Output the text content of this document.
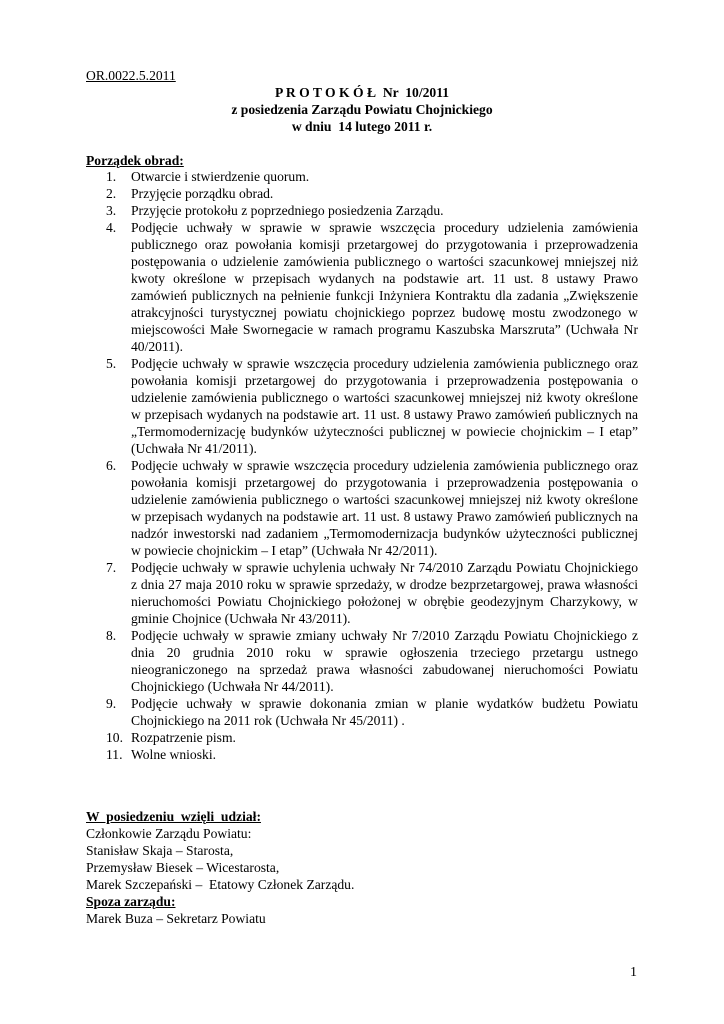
OR.0022.5.2011
P R O T O K Ó Ł  Nr  10/2011
z posiedzenia Zarządu Powiatu Chojnickiego
w dniu  14 lutego 2011 r.
Porządek obrad:
1. Otwarcie i stwierdzenie quorum.
2. Przyjęcie porządku obrad.
3. Przyjęcie protokołu z poprzedniego posiedzenia Zarządu.
4. Podjęcie uchwały w sprawie w sprawie wszczęcia procedury udzielenia zamówienia publicznego oraz powołania komisji przetargowej do przygotowania i przeprowadzenia postępowania o udzielenie zamówienia publicznego o wartości szacunkowej mniejszej niż kwoty określone w przepisach wydanych na podstawie art. 11 ust. 8 ustawy Prawo zamówień publicznych na pełnienie funkcji Inżyniera Kontraktu dla zadania „Zwiększenie atrakcyjności turystycznej powiatu chojnickiego poprzez budowę mostu zwodzonego w miejscowości Małe Swornegacie w ramach programu Kaszubska Marszruta” (Uchwała Nr 40/2011).
5. Podjęcie uchwały w sprawie wszczęcia procedury udzielenia zamówienia publicznego oraz powołania komisji przetargowej do przygotowania i przeprowadzenia postępowania o udzielenie zamówienia publicznego o wartości szacunkowej mniejszej niż kwoty określone w przepisach wydanych na podstawie art. 11 ust. 8 ustawy Prawo zamówień publicznych na „Termomodernizację budynków użyteczności publicznej w powiecie chojnickim – I etap” (Uchwała Nr 41/2011).
6. Podjęcie uchwały w sprawie wszczęcia procedury udzielenia zamówienia publicznego oraz powołania komisji przetargowej do przygotowania i przeprowadzenia postępowania o udzielenie zamówienia publicznego o wartości szacunkowej mniejszej niż kwoty określone w przepisach wydanych na podstawie art. 11 ust. 8 ustawy Prawo zamówień publicznych na nadzór inwestorski nad zadaniem „Termomodernizacja budynków użyteczności publicznej w powiecie chojnickim – I etap” (Uchwała Nr 42/2011).
7. Podjęcie uchwały w sprawie uchylenia uchwały Nr 74/2010 Zarządu Powiatu Chojnickiego z dnia 27 maja 2010 roku w sprawie sprzedaży, w drodze bezprzetargowej, prawa własności nieruchomości Powiatu Chojnickiego położonej w obrębie geodezyjnym Charzykowy, w gminie Chojnice (Uchwała Nr 43/2011).
8. Podjęcie uchwały w sprawie zmiany uchwały Nr 7/2010 Zarządu Powiatu Chojnickiego z dnia 20 grudnia 2010 roku w sprawie ogłoszenia trzeciego przetargu ustnego nieograniczonego na sprzedaż prawa własności zabudowanej nieruchomości Powiatu Chojnickiego (Uchwała Nr 44/2011).
9. Podjęcie uchwały w sprawie dokonania zmian w planie wydatków budżetu Powiatu Chojnickiego na 2011 rok (Uchwała Nr 45/2011) .
10. Rozpatrzenie pism.
11. Wolne wnioski.
W  posiedzeniu  wzięli  udział:
Członkowie Zarządu Powiatu:
Stanisław Skaja – Starosta,
Przemysław Biesek – Wicestarosta,
Marek Szczepański –  Etatowy Członek Zarządu.
Spoza zarządu:
Marek Buza – Sekretarz Powiatu
1
